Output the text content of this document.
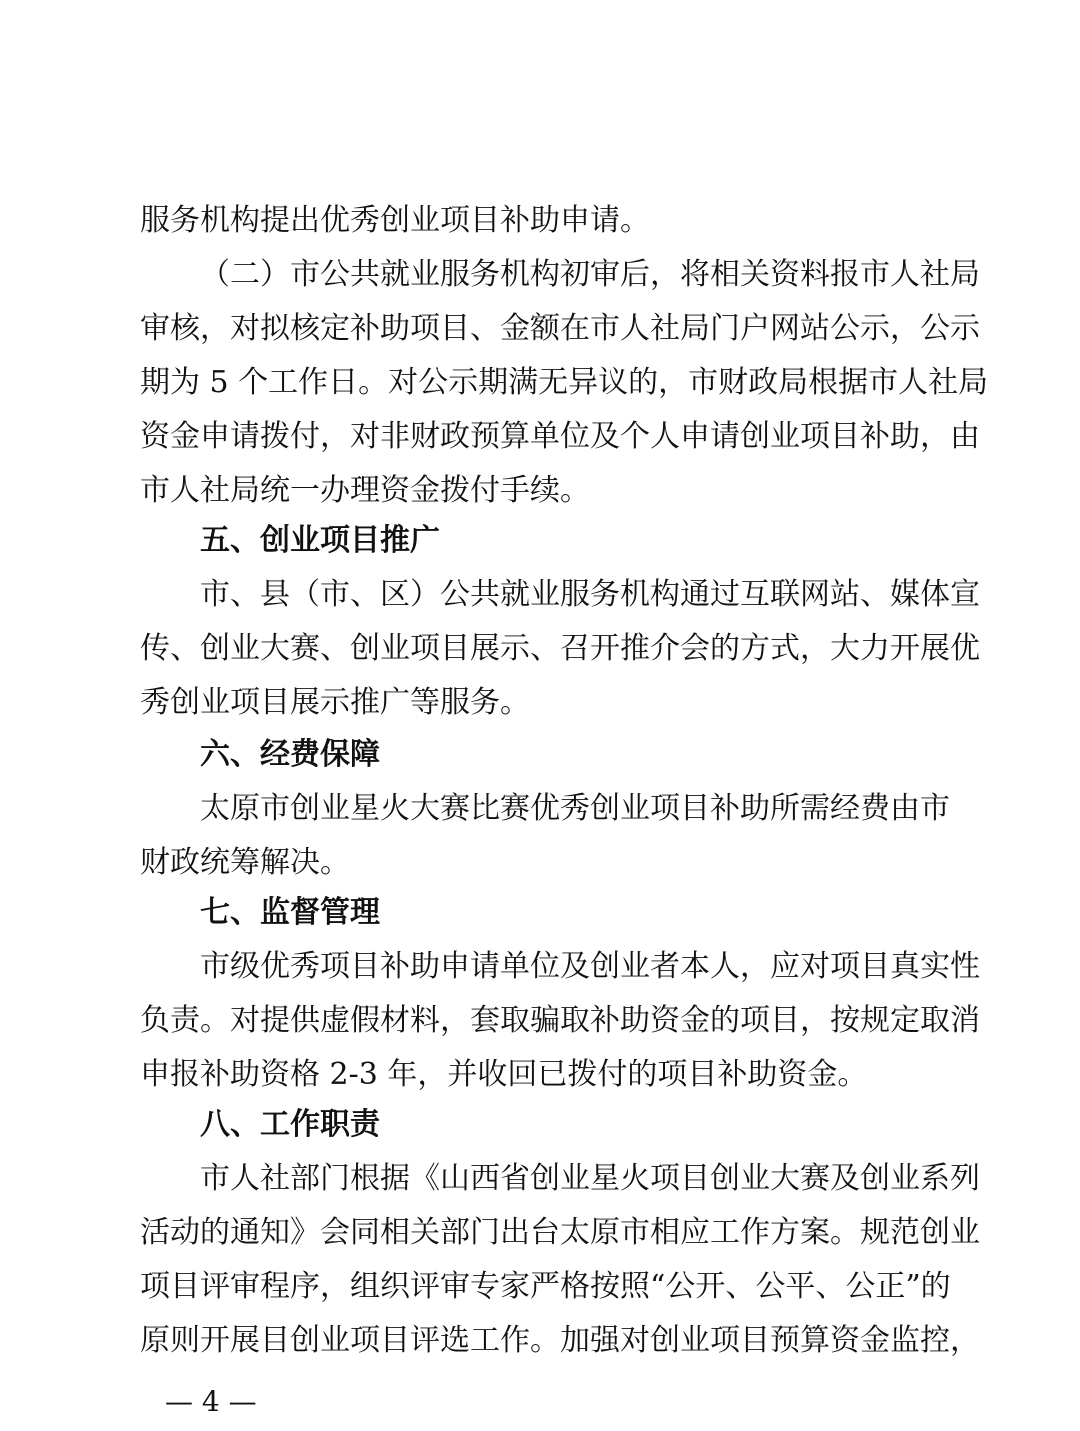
服务机构提出优秀创业项目补助申请。
（二）市公共就业服务机构初审后，将相关资料报市人社局
审核，对拟核定补助项目、金额在市人社局门户网站公示，公示
期为 5 个工作日。对公示期满无异议的，市财政局根据市人社局
资金申请拨付，对非财政预算单位及个人申请创业项目补助，由
市人社局统一办理资金拨付手续。
五、创业项目推广
市、县（市、区）公共就业服务机构通过互联网站、媒体宣
传、创业大赛、创业项目展示、召开推介会的方式，大力开展优
秀创业项目展示推广等服务。
六、经费保障
太原市创业星火大赛比赛优秀创业项目补助所需经费由市
财政统筹解决。
七、监督管理
市级优秀项目补助申请单位及创业者本人，应对项目真实性
负责。对提供虚假材料，套取骗取补助资金的项目，按规定取消
申报补助资格 2-3 年，并收回已拨付的项目补助资金。
八、工作职责
市人社部门根据《山西省创业星火项目创业大赛及创业系列
活动的通知》会同相关部门出台太原市相应工作方案。规范创业
项目评审程序，组织评审专家严格按照“公开、公平、公正”的
原则开展目创业项目评选工作。加强对创业项目预算资金监控，
— 4 —
